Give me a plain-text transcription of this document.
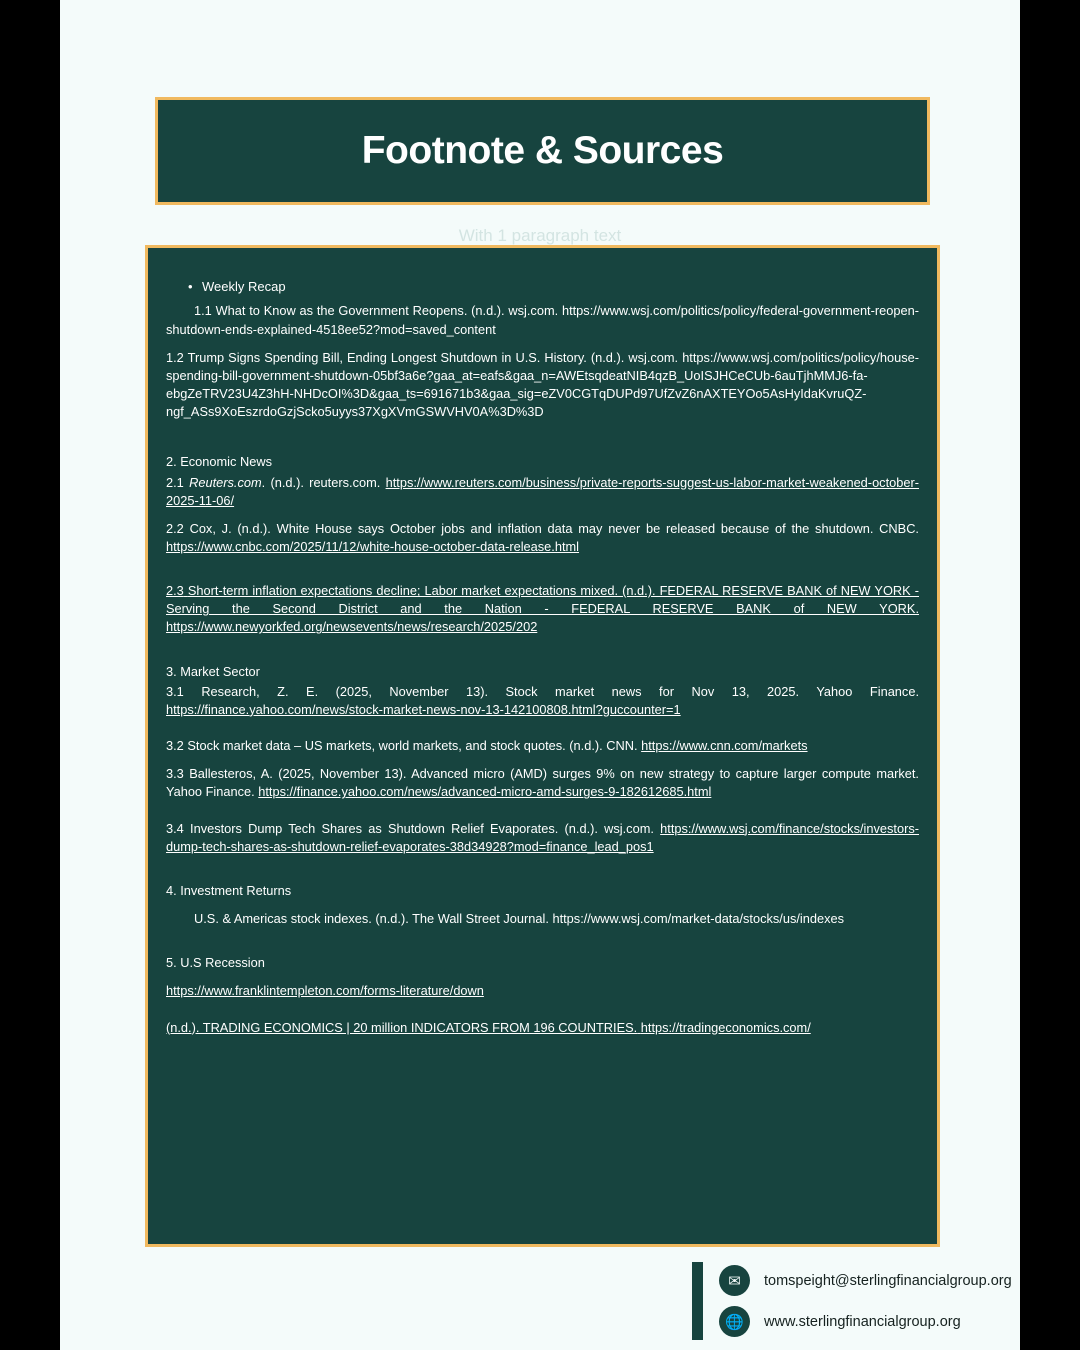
Footnote & Sources
With 1 paragraph text
• Weekly Recap

1.1 What to Know as the Government Reopens. (n.d.). wsj.com. https://www.wsj.com/politics/policy/federal-government-reopen-shutdown-ends-explained-4518ee52?mod=saved_content

1.2 Trump Signs Spending Bill, Ending Longest Shutdown in U.S. History. (n.d.). wsj.com. https://www.wsj.com/politics/policy/house-spending-bill-government-shutdown-05bf3a6e?gaa_at=eafs&gaa_n=AWEtsqdeatNIB4qzB_UoISJHCeCUb-6auTjhMMJ6-fa-ebgZeTRV23U4Z3hH-NHDcOI%3D&gaa_ts=691671b3&gaa_sig=eZV0CGTqDUPd97UfZvZ6nAXTEYOo5AsHyIdaKvruQZ-ngf_ASs9XoEszrdoGzjScko5uyys37XgXVmGSWVHV0A%3D%3D

2. Economic News

2.1 Reuters.com. (n.d.). reuters.com. https://www.reuters.com/business/private-reports-suggest-us-labor-market-weakened-october-2025-11-06/

2.2 Cox, J. (n.d.). White House says October jobs and inflation data may never be released because of the shutdown. CNBC. https://www.cnbc.com/2025/11/12/white-house-october-data-release.html

2.3 Short-term inflation expectations decline; Labor market expectations mixed. (n.d.). FEDERAL RESERVE BANK of NEW YORK - Serving the Second District and the Nation - FEDERAL RESERVE BANK of NEW YORK. https://www.newyorkfed.org/newsevents/news/research/2025/202

3. Market Sector

3.1 Research, Z. E. (2025, November 13). Stock market news for Nov 13, 2025. Yahoo Finance. https://finance.yahoo.com/news/stock-market-news-nov-13-142100808.html?guccounter=1

3.2 Stock market data – US markets, world markets, and stock quotes. (n.d.). CNN. https://www.cnn.com/markets

3.3 Ballesteros, A. (2025, November 13). Advanced micro (AMD) surges 9% on new strategy to capture larger compute market. Yahoo Finance. https://finance.yahoo.com/news/advanced-micro-amd-surges-9-182612685.html

3.4 Investors Dump Tech Shares as Shutdown Relief Evaporates. (n.d.). wsj.com. https://www.wsj.com/finance/stocks/investors-dump-tech-shares-as-shutdown-relief-evaporates-38d34928?mod=finance_lead_pos1

4. Investment Returns

U.S. & Americas stock indexes. (n.d.). The Wall Street Journal. https://www.wsj.com/market-data/stocks/us/indexes

5. U.S Recession

https://www.franklintempleton.com/forms-literature/down

(n.d.). TRADING ECONOMICS | 20 million INDICATORS FROM 196 COUNTRIES. https://tradingeconomics.com/

✉	tomspeight@sterlingfinancialgroup.org
🌐	www.sterlingfinancialgroup.org
